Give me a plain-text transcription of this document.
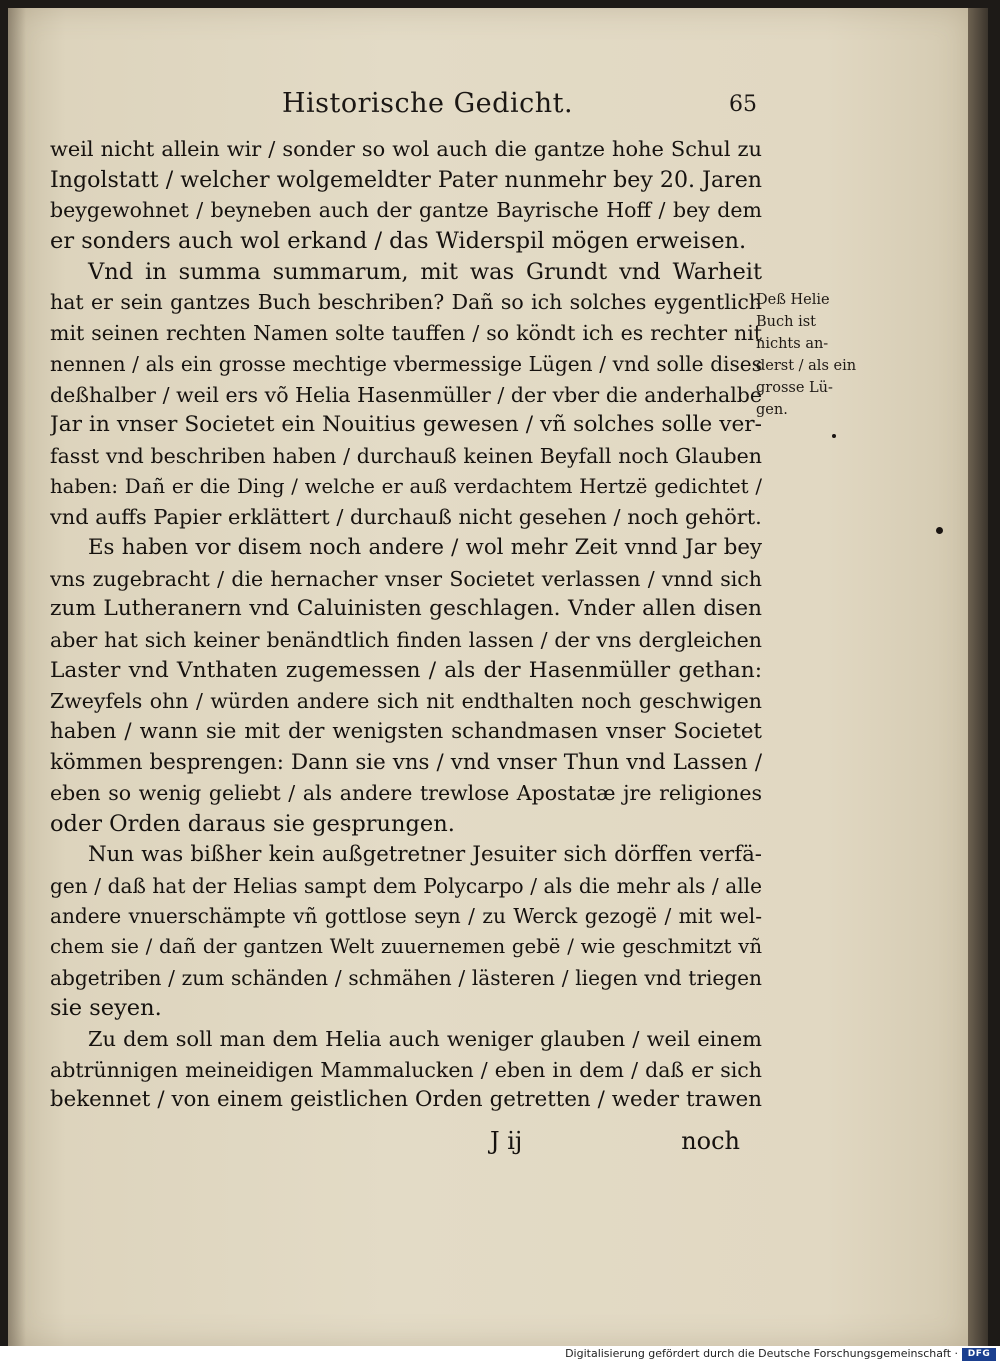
Historische Gedicht.	65
weil nicht allein wir / sonder so wol auch die gantze hohe Schul zu
Ingolstatt / welcher wolgemeldter Pater nunmehr bey 20. Jaren
beygewohnet / beyneben auch der gantze Bayrische Hoff / bey dem
er sonders auch wol erkand / das Widerspil mögen erweisen.
Vnd in summa summarum, mit was Grundt vnd Warheit
hat er sein gantzes Buch beschriben? Dañ so ich solches eygentlich
mit seinen rechten Namen solte tauffen / so köndt ich es rechter nit
nennen / als ein grosse mechtige vbermessige Lügen / vnd solle dises
deßhalber / weil ers võ Helia Hasenmüller / der vber die anderhalbe
Jar in vnser Societet ein Nouitius gewesen / vñ solches solle ver-
fasst vnd beschriben haben / durchauß keinen Beyfall noch Glauben
haben: Dañ er die Ding / welche er auß verdachtem Hertzë gedichtet /
vnd auffs Papier erklättert / durchauß nicht gesehen / noch gehört.
Es haben vor disem noch andere / wol mehr Zeit vnnd Jar bey
vns zugebracht / die hernacher vnser Societet verlassen / vnnd sich
zum Lutheranern vnd Caluinisten geschlagen. Vnder allen disen
aber hat sich keiner benändtlich finden lassen / der vns dergleichen
Laster vnd Vnthaten zugemessen / als der Hasenmüller gethan:
Zweyfels ohn / würden andere sich nit endthalten noch geschwigen
haben / wann sie mit der wenigsten schandmasen vnser Societet
kömmen besprengen: Dann sie vns / vnd vnser Thun vnd Lassen /
eben so wenig geliebt / als andere trewlose Apostatæ jre religiones
oder Orden daraus sie gesprungen.
Nun was bißher kein außgetretner Jesuiter sich dörffen verfä-
gen / daß hat der Helias sampt dem Polycarpo / als die mehr als / alle
andere vnuerschämpte vñ gottlose seyn / zu Werck gezogë / mit wel-
chem sie / dañ der gantzen Welt zuuernemen gebë / wie geschmitzt vñ
abgetriben / zum schänden / schmähen / lästeren / liegen vnd triegen
sie seyen.
Zu dem soll man dem Helia auch weniger glauben / weil einem
abtrünnigen meineidigen Mammalucken / eben in dem / daß er sich
bekennet / von einem geistlichen Orden getretten / weder trawen
Deß Helie
Buch ist
nichts an-
derst / als ein
grosse Lü-
gen.
J ij	noch
Digitalisierung gefördert durch die Deutsche Forschungsgemeinschaft ·	DFG
